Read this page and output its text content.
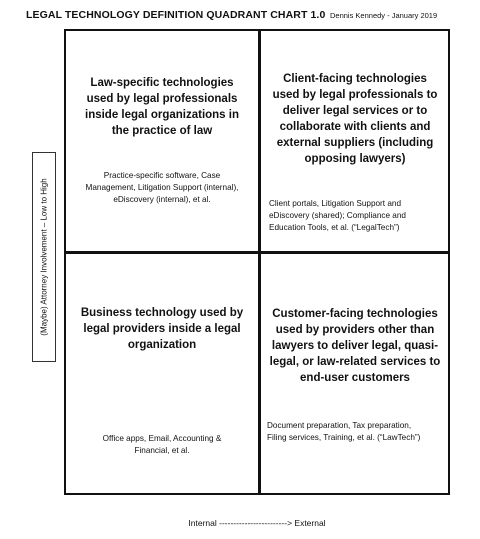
LEGAL TECHNOLOGY DEFINITION QUADRANT CHART 1.0 Dennis Kennedy - January 2019
(Maybe) Attorney Involvement – Low to High
Law-specific technologies used by legal professionals inside legal organizations in the practice of law
Practice-specific software, Case Management, Litigation Support (internal), eDiscovery (internal), et al.
Client-facing technologies used by legal professionals to deliver legal services or to collaborate with clients and external suppliers (including opposing lawyers)
Client portals, Litigation Support and eDiscovery (shared); Compliance and Education Tools, et al. (“LegalTech”)
Business technology used by legal providers inside a legal organization
Office apps, Email, Accounting & Financial, et al.
Customer-facing technologies used by providers other than lawyers to deliver legal, quasi-legal, or law-related services to end-user customers
Document preparation, Tax preparation, Filing services, Training, et al. (“LawTech”)
Internal ------------------------> External
